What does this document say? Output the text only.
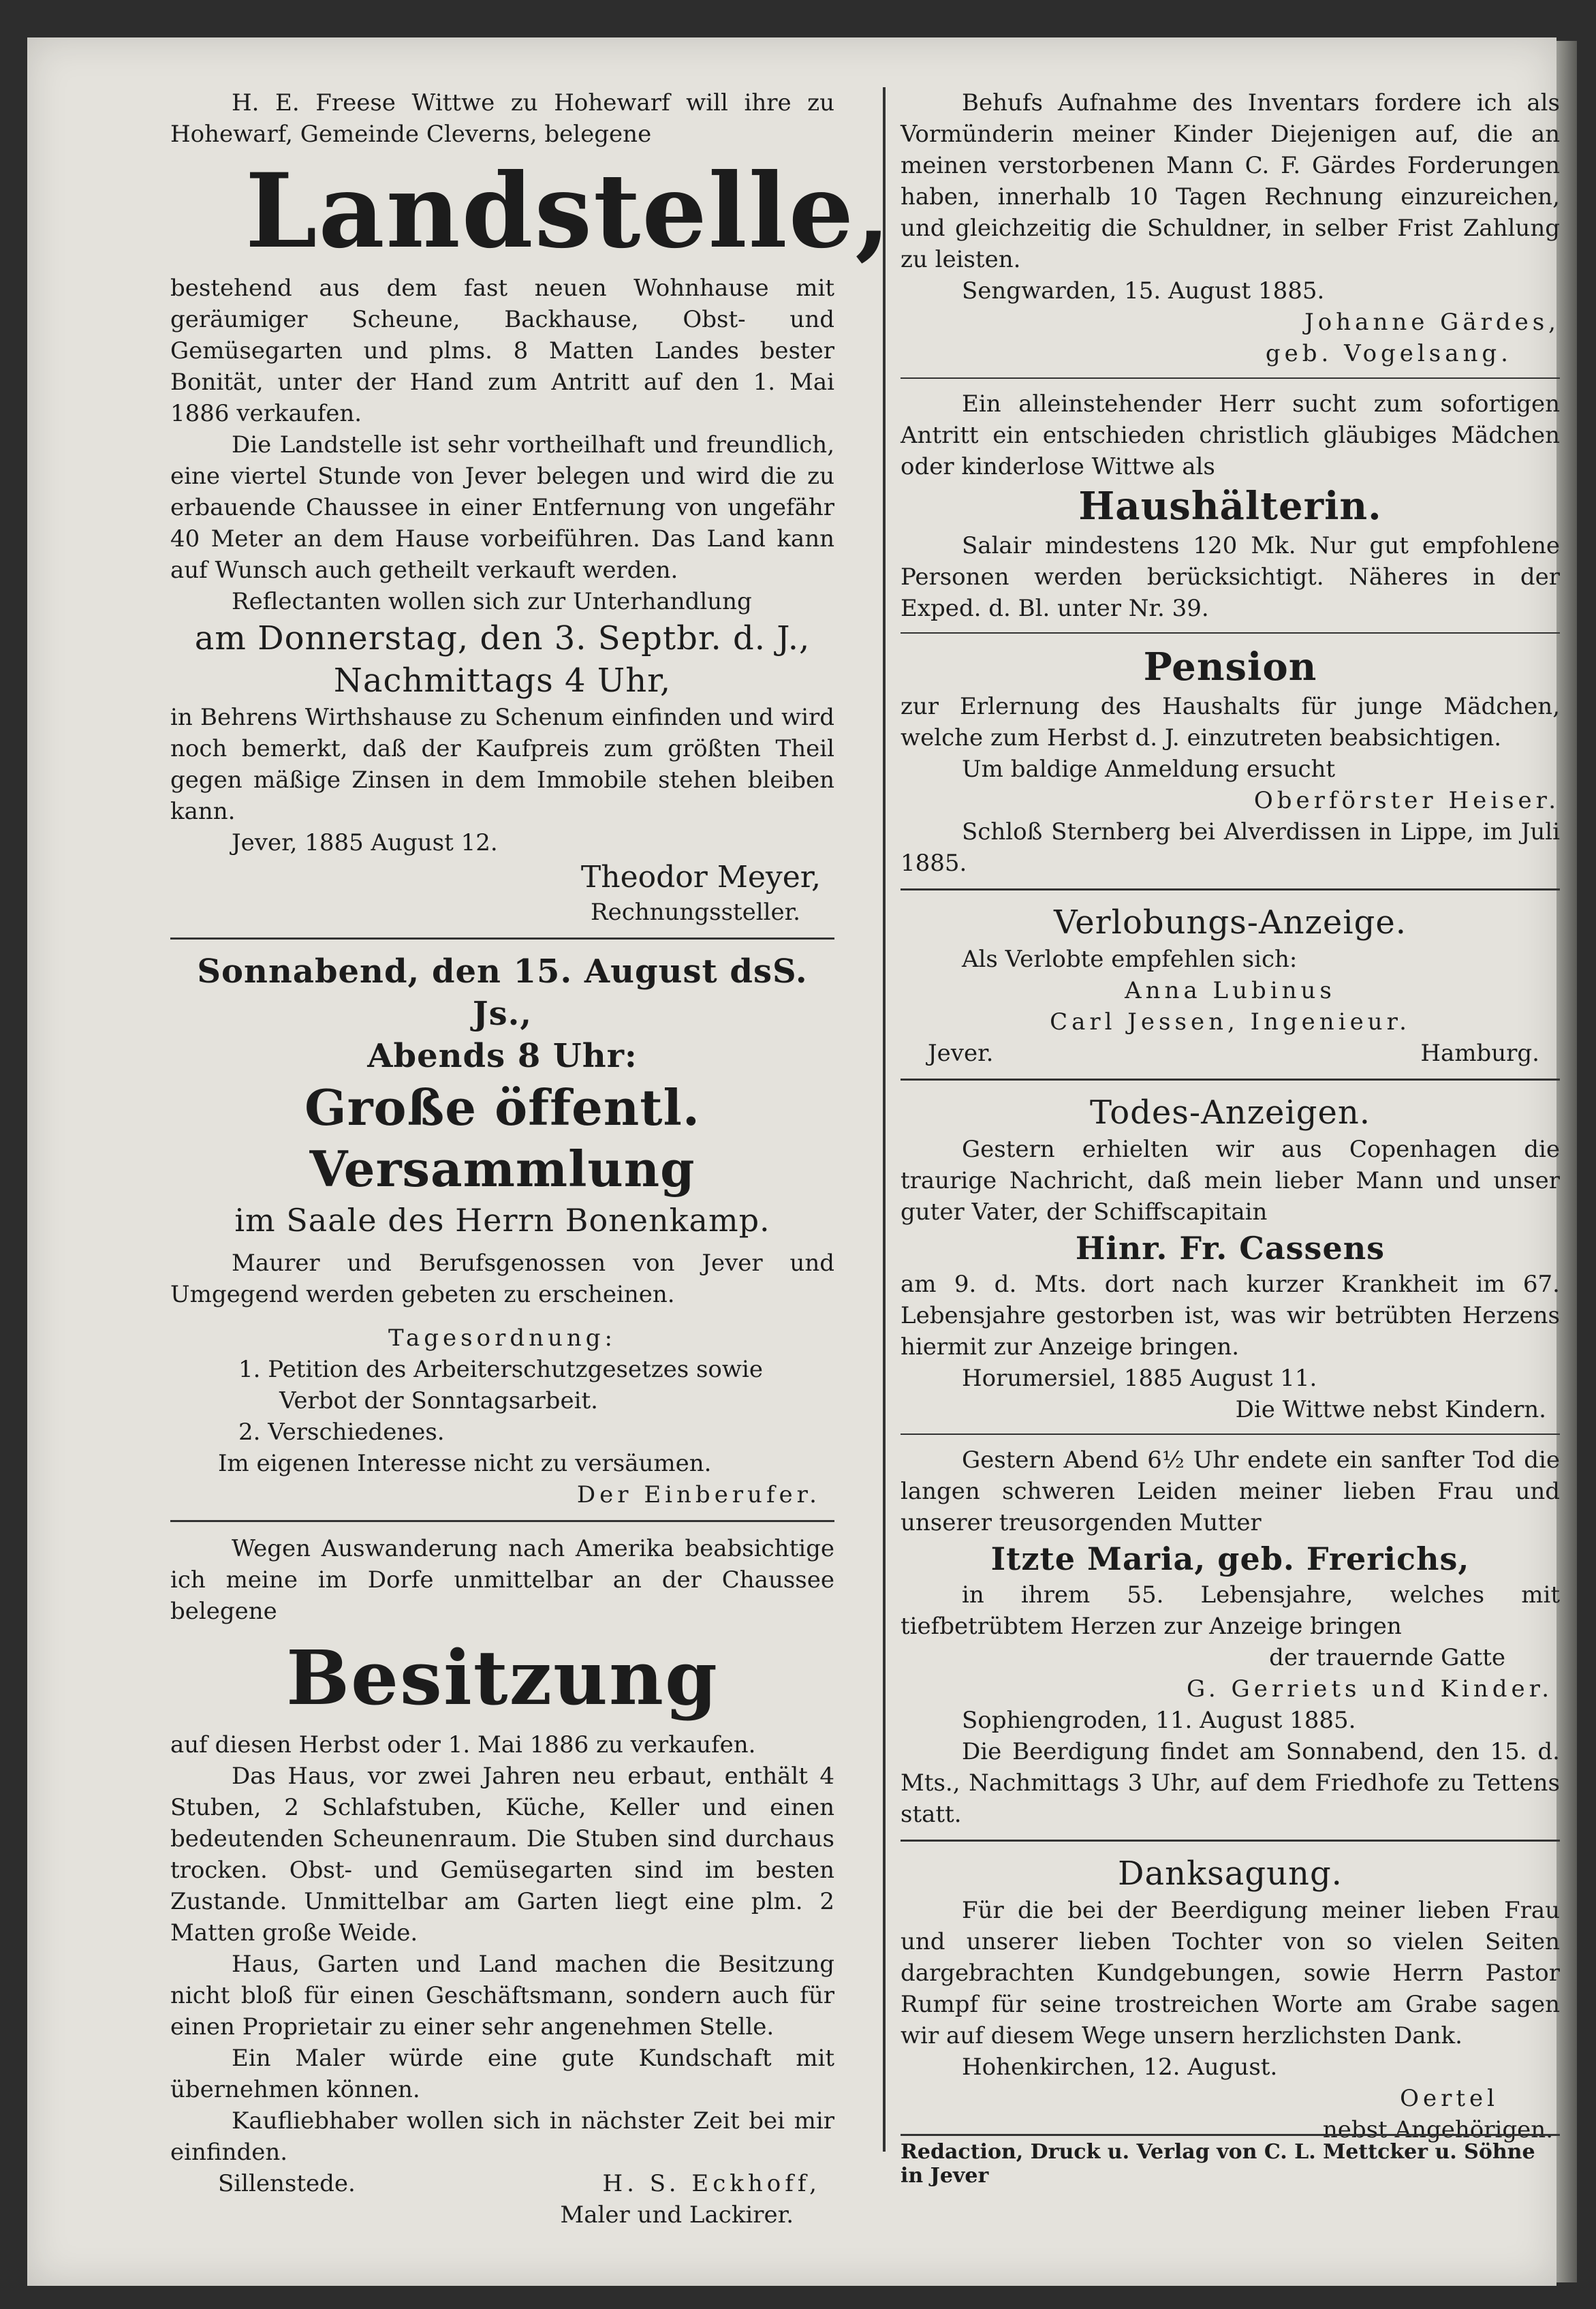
H. E. Freese Wittwe zu Hohewarf will ihre zu Hohewarf, Gemeinde Cleverns, belegene

Landstelle,

bestehend aus dem fast neuen Wohnhause mit geräumiger Scheune, Backhause, Obst- und Gemüsegarten und plms. 8 Matten Landes bester Bonität, unter der Hand zum Antritt auf den 1. Mai 1886 verkaufen.

Die Landstelle ist sehr vortheilhaft und freundlich, eine viertel Stunde von Jever belegen und wird die zu erbauende Chaussee in einer Entfernung von ungefähr 40 Meter an dem Hause vorbeiführen. Das Land kann auf Wunsch auch getheilt verkauft werden.

Reflectanten wollen sich zur Unterhandlung

am Donnerstag, den 3. Septbr. d. J.,

Nachmittags 4 Uhr,

in Behrens Wirthshause zu Schenum einfinden und wird noch bemerkt, daß der Kaufpreis zum größten Theil gegen mäßige Zinsen in dem Immobile stehen bleiben kann.

Jever, 1885 August 12.

Theodor Meyer,

Rechnungssteller.

Sonnabend, den 15. August dsS. Js.,

Abends 8 Uhr:

Große öffentl. Versammlung

im Saale des Herrn Bonenkamp.

Maurer und Berufsgenossen von Jever und Umgegend werden gebeten zu erscheinen.

Tagesordnung:

1. Petition des Arbeiterschutzgesetzes sowie

Verbot der Sonntagsarbeit.

2. Verschiedenes.

Im eigenen Interesse nicht zu versäumen.

Der Einberufer.

Wegen Auswanderung nach Amerika beabsichtige ich meine im Dorfe unmittelbar an der Chaussee belegene

Besitzung

auf diesen Herbst oder 1. Mai 1886 zu verkaufen.

Das Haus, vor zwei Jahren neu erbaut, enthält 4 Stuben, 2 Schlafstuben, Küche, Keller und einen bedeutenden Scheunenraum. Die Stuben sind durchaus trocken. Obst- und Gemüsegarten sind im besten Zustande. Unmittelbar am Garten liegt eine plm. 2 Matten große Weide.

Haus, Garten und Land machen die Besitzung nicht bloß für einen Geschäftsmann, sondern auch für einen Proprietair zu einer sehr angenehmen Stelle.

Ein Maler würde eine gute Kundschaft mit übernehmen können.

Kaufliebhaber wollen sich in nächster Zeit bei mir einfinden.

Sillenstede.	H. S. Eckhoff,

Maler und Lackirer.

Behufs Aufnahme des Inventars fordere ich als Vormünderin meiner Kinder Diejenigen auf, die an meinen verstorbenen Mann C. F. Gärdes Forderungen haben, innerhalb 10 Tagen Rechnung einzureichen, und gleichzeitig die Schuldner, in selber Frist Zahlung zu leisten.

Sengwarden, 15. August 1885.

Johanne Gärdes,

geb. Vogelsang.

Ein alleinstehender Herr sucht zum sofortigen Antritt ein entschieden christlich gläubiges Mädchen oder kinderlose Wittwe als

Haushälterin.

Salair mindestens 120 Mk. Nur gut empfohlene Personen werden berücksichtigt. Näheres in der Exped. d. Bl. unter Nr. 39.

Pension

zur Erlernung des Haushalts für junge Mädchen, welche zum Herbst d. J. einzutreten beabsichtigen.

Um baldige Anmeldung ersucht

Oberförster Heiser.

Schloß Sternberg bei Alverdissen in Lippe, im Juli 1885.

Verlobungs-Anzeige.

Als Verlobte empfehlen sich:

Anna Lubinus

Carl Jessen, Ingenieur.

Jever.	Hamburg.

Todes-Anzeigen.

Gestern erhielten wir aus Copenhagen die traurige Nachricht, daß mein lieber Mann und unser guter Vater, der Schiffscapitain

Hinr. Fr. Cassens

am 9. d. Mts. dort nach kurzer Krankheit im 67. Lebensjahre gestorben ist, was wir betrübten Herzens hiermit zur Anzeige bringen.

Horumersiel, 1885 August 11.

Die Wittwe nebst Kindern.

Gestern Abend 6½ Uhr endete ein sanfter Tod die langen schweren Leiden meiner lieben Frau und unserer treusorgenden Mutter

Itzte Maria, geb. Frerichs,

in ihrem 55. Lebensjahre, welches mit tiefbetrübtem Herzen zur Anzeige bringen

der trauernde Gatte

G. Gerriets und Kinder.

Sophiengroden, 11. August 1885.

Die Beerdigung findet am Sonnabend, den 15. d. Mts., Nachmittags 3 Uhr, auf dem Friedhofe zu Tettens statt.

Danksagung.

Für die bei der Beerdigung meiner lieben Frau und unserer lieben Tochter von so vielen Seiten dargebrachten Kundgebungen, sowie Herrn Pastor Rumpf für seine trostreichen Worte am Grabe sagen wir auf diesem Wege unsern herzlichsten Dank.

Hohenkirchen, 12. August.

Oertel

nebst Angehörigen.

Redaction, Druck u. Verlag von C. L. Mettcker u. Söhne in Jever
